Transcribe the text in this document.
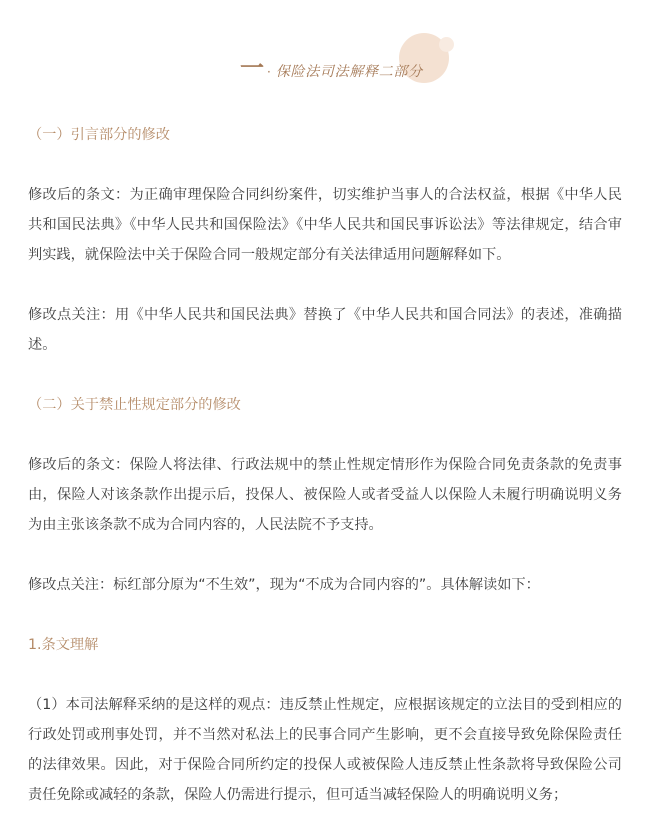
一 · 保险法司法解释二部分

（一）引言部分的修改

修改后的条文：为正确审理保险合同纠纷案件，切实维护当事人的合法权益，根据《中华人民共和国民法典》《中华人民共和国保险法》《中华人民共和国民事诉讼法》等法律规定，结合审判实践，就保险法中关于保险合同一般规定部分有关法律适用问题解释如下。

修改点关注：用《中华人民共和国民法典》替换了《中华人民共和国合同法》的表述，准确描述。

（二）关于禁止性规定部分的修改

修改后的条文：保险人将法律、行政法规中的禁止性规定情形作为保险合同免责条款的免责事由，保险人对该条款作出提示后，投保人、被保险人或者受益人以保险人未履行明确说明义务为由主张该条款不成为合同内容的，人民法院不予支持。

修改点关注：标红部分原为“不生效”，现为“不成为合同内容的”。具体解读如下：

1.条文理解

（1）本司法解释采纳的是这样的观点：违反禁止性规定，应根据该规定的立法目的受到相应的行政处罚或刑事处罚，并不当然对私法上的民事合同产生影响，更不会直接导致免除保险责任的法律效果。因此，对于保险合同所约定的投保人或被保险人违反禁止性条款将导致保险公司责任免除或减轻的条款，保险人仍需进行提示，但可适当减轻保险人的明确说明义务；
